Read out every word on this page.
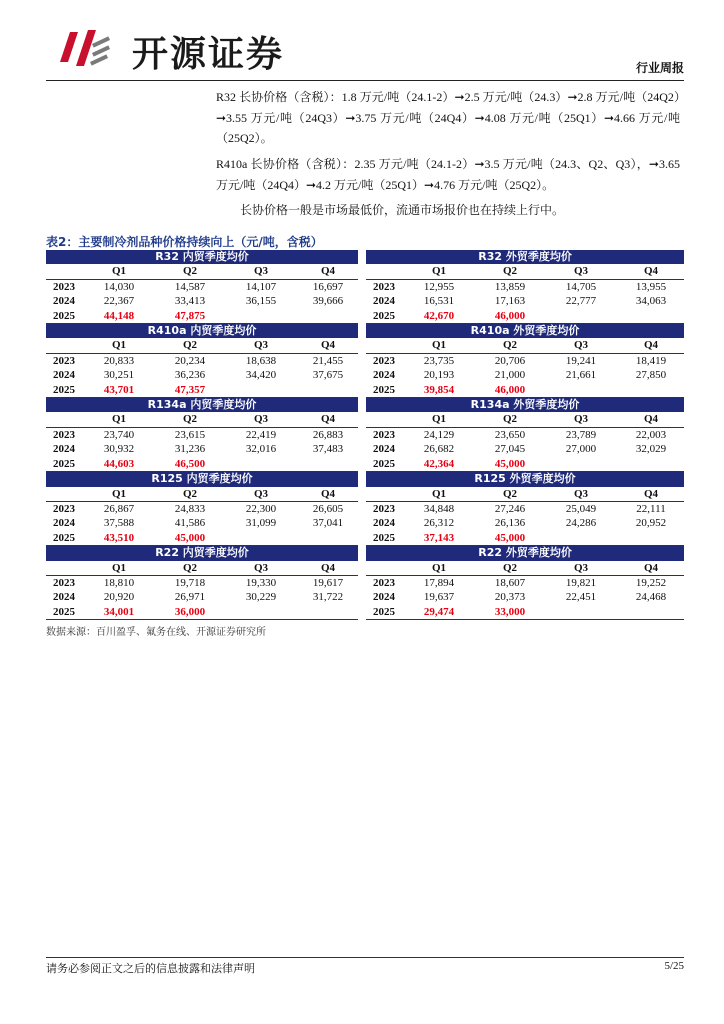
开源证券	行业周报
R32 长协价格（含税）：1.8 万元/吨（24.1-2）➞2.5 万元/吨（24.3）➞2.8 万元/吨（24Q2）➞3.55 万元/吨（24Q3）➞3.75 万元/吨（24Q4）➞4.08 万元/吨（25Q1）➞4.66 万元/吨（25Q2）。
R410a 长协价格（含税）：2.35 万元/吨（24.1-2）➞3.5 万元/吨（24.3、Q2、Q3），➞3.65 万元/吨（24Q4）➞4.2 万元/吨（25Q1）➞4.76 万元/吨（25Q2）。
长协价格一般是市场最低价，流通市场报价也在持续上行中。
表2：主要制冷剂品种价格持续向上（元/吨，含税）
R32 内贸季度均价						R32 外贸季度均价				
	Q1	Q2	Q3	Q4			Q1	Q2	Q3	Q4
2023	14,030	14,587	14,107	16,697		2023	12,955	13,859	14,705	13,955
2024	22,367	33,413	36,155	39,666		2024	16,531	17,163	22,777	34,063
2025	44,148	47,875				2025	42,670	46,000		
R410a 内贸季度均价						R410a 外贸季度均价				
	Q1	Q2	Q3	Q4			Q1	Q2	Q3	Q4
2023	20,833	20,234	18,638	21,455		2023	23,735	20,706	19,241	18,419
2024	30,251	36,236	34,420	37,675		2024	20,193	21,000	21,661	27,850
2025	43,701	47,357				2025	39,854	46,000		
R134a 内贸季度均价						R134a 外贸季度均价				
	Q1	Q2	Q3	Q4			Q1	Q2	Q3	Q4
2023	23,740	23,615	22,419	26,883		2023	24,129	23,650	23,789	22,003
2024	30,932	31,236	32,016	37,483		2024	26,682	27,045	27,000	32,029
2025	44,603	46,500				2025	42,364	45,000		
R125 内贸季度均价						R125 外贸季度均价				
	Q1	Q2	Q3	Q4			Q1	Q2	Q3	Q4
2023	26,867	24,833	22,300	26,605		2023	34,848	27,246	25,049	22,111
2024	37,588	41,586	31,099	37,041		2024	26,312	26,136	24,286	20,952
2025	43,510	45,000				2025	37,143	45,000		
R22 内贸季度均价						R22 外贸季度均价				
	Q1	Q2	Q3	Q4			Q1	Q2	Q3	Q4
2023	18,810	19,718	19,330	19,617		2023	17,894	18,607	19,821	19,252
2024	20,920	26,971	30,229	31,722		2024	19,637	20,373	22,451	24,468
2025	34,001	36,000				2025	29,474	33,000		
数据来源：百川盈孚、氟务在线、开源证券研究所
请务必参阅正文之后的信息披露和法律声明	5/25
